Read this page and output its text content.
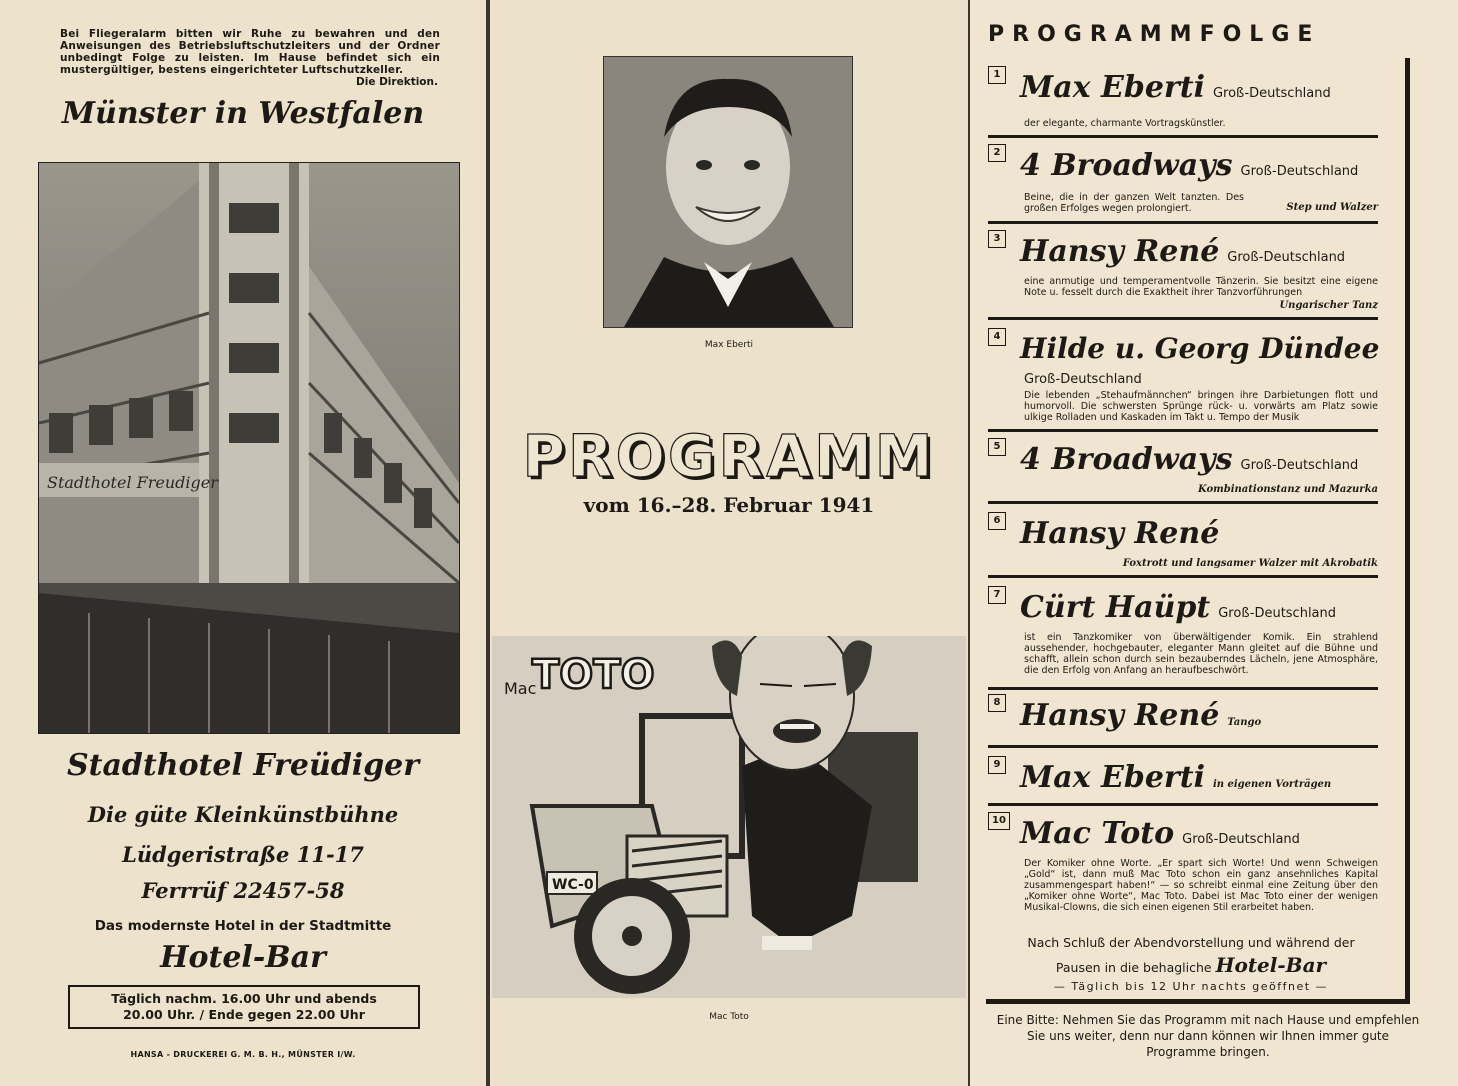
Bei Fliegeralarm bitten wir Ruhe zu bewahren und den Anweisungen des Betriebsluftschutzleiters und der Ordner unbedingt Folge zu leisten. Im Hause befindet sich ein mustergültiger, bestens eingerichteter Luftschutzkeller.
Die Direktion.
Münster in Westfalen
Stadthotel Freudiger
Stadthotel Freüdiger
Die güte Kleinkünstbühne
Lüdgeristraße 11-17
Ferrrüf 22457-58
Das modernste Hotel in der Stadtmitte
Hotel-Bar
Täglich nachm. 16.00 Uhr und abends
20.00 Uhr. / Ende gegen 22.00 Uhr
HANSA - DRUCKEREI G. M. B. H., MÜNSTER I/W.
Max Eberti
PROGRAMM
vom 16.–28. Februar 1941
Mac
TOTO
WC-0
Mac Toto
PROGRAMMFOLGE
1 Max Eberti Groß-Deutschland
der elegante, charmante Vortragskünstler.
2 4 Broadways Groß-Deutschland
Beine, die in der ganzen Welt tanzten. Des großen Erfolges wegen prolongiert.	Step und Walzer
3 Hansy René Groß-Deutschland
eine anmutige und temperamentvolle Tänzerin. Sie besitzt eine eigene Note u. fesselt durch die Exaktheit ihrer Tanzvorführungen
Ungarischer Tanz
4 Hilde u. Georg Dündee
Groß-Deutschland
Die lebenden „Stehaufmännchen“ bringen ihre Darbietungen flott und humorvoll. Die schwersten Sprünge rück- u. vorwärts am Platz sowie ulkige Rolladen und Kaskaden im Takt u. Tempo der Musik
5 4 Broadways Groß-Deutschland
Kombinationstanz und Mazurka
6 Hansy René
Foxtrott und langsamer Walzer mit Akrobatik
7 Cürt Haüpt Groß-Deutschland
ist ein Tanzkomiker von überwältigender Komik. Ein strahlend aussehender, hochgebauter, eleganter Mann gleitet auf die Bühne und schafft, allein schon durch sein bezauberndes Lächeln, jene Atmosphäre, die den Erfolg von Anfang an heraufbeschwört.
8 Hansy René Tango
9 Max Eberti in eigenen Vorträgen
10 Mac Toto Groß-Deutschland
Der Komiker ohne Worte. „Er spart sich Worte! Und wenn Schweigen „Gold“ ist, dann muß Mac Toto schon ein ganz ansehnliches Kapital zusammengespart haben!“ — so schreibt einmal eine Zeitung über den „Komiker ohne Worte“, Mac Toto. Dabei ist Mac Toto einer der wenigen Musikal-Clowns, die sich einen eigenen Stil erarbeitet haben.
Nach Schluß der Abendvorstellung und während der
Pausen in die behagliche Hotel-Bar
— Täglich bis 12 Uhr nachts geöffnet —
Eine Bitte: Nehmen Sie das Programm mit nach Hause und empfehlen Sie uns weiter, denn nur dann können wir Ihnen immer gute Programme bringen.
